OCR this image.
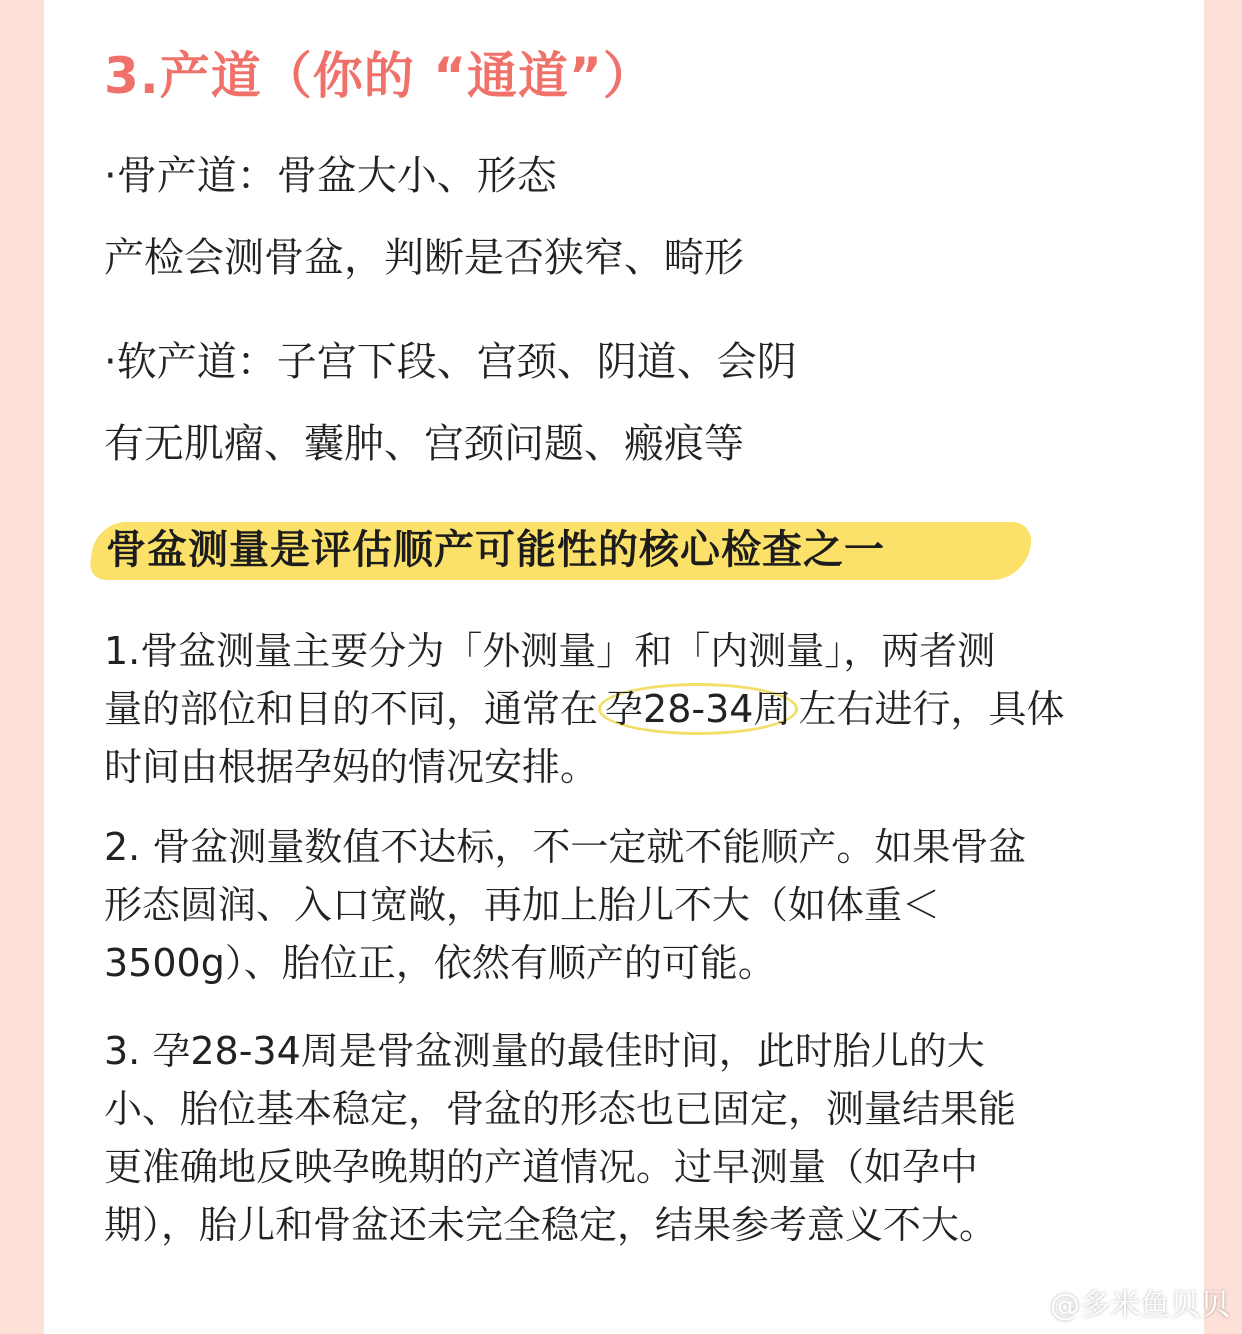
3.产道（你的 “通道”）
·骨产道：骨盆大小、形态
产检会测骨盆，判断是否狭窄、畸形
·软产道：子宫下段、宫颈、阴道、会阴
有无肌瘤、囊肿、宫颈问题、瘢痕等
骨盆测量是评估顺产可能性的核心检查之一
1.骨盆测量主要分为「外测量」和「内测量」，两者测
量的部位和目的不同，通常在 孕28-34周 左右进行，具体
时间由根据孕妈的情况安排。
2. 骨盆测量数值不达标，不一定就不能顺产。如果骨盆
形态圆润、入口宽敞，再加上胎儿不大（如体重＜
3500g）、胎位正，依然有顺产的可能。
3. 孕28-34周是骨盆测量的最佳时间，此时胎儿的大
小、胎位基本稳定，骨盆的形态也已固定，测量结果能
更准确地反映孕晚期的产道情况。过早测量（如孕中
期），胎儿和骨盆还未完全稳定，结果参考意义不大。
@多米鱼贝贝
